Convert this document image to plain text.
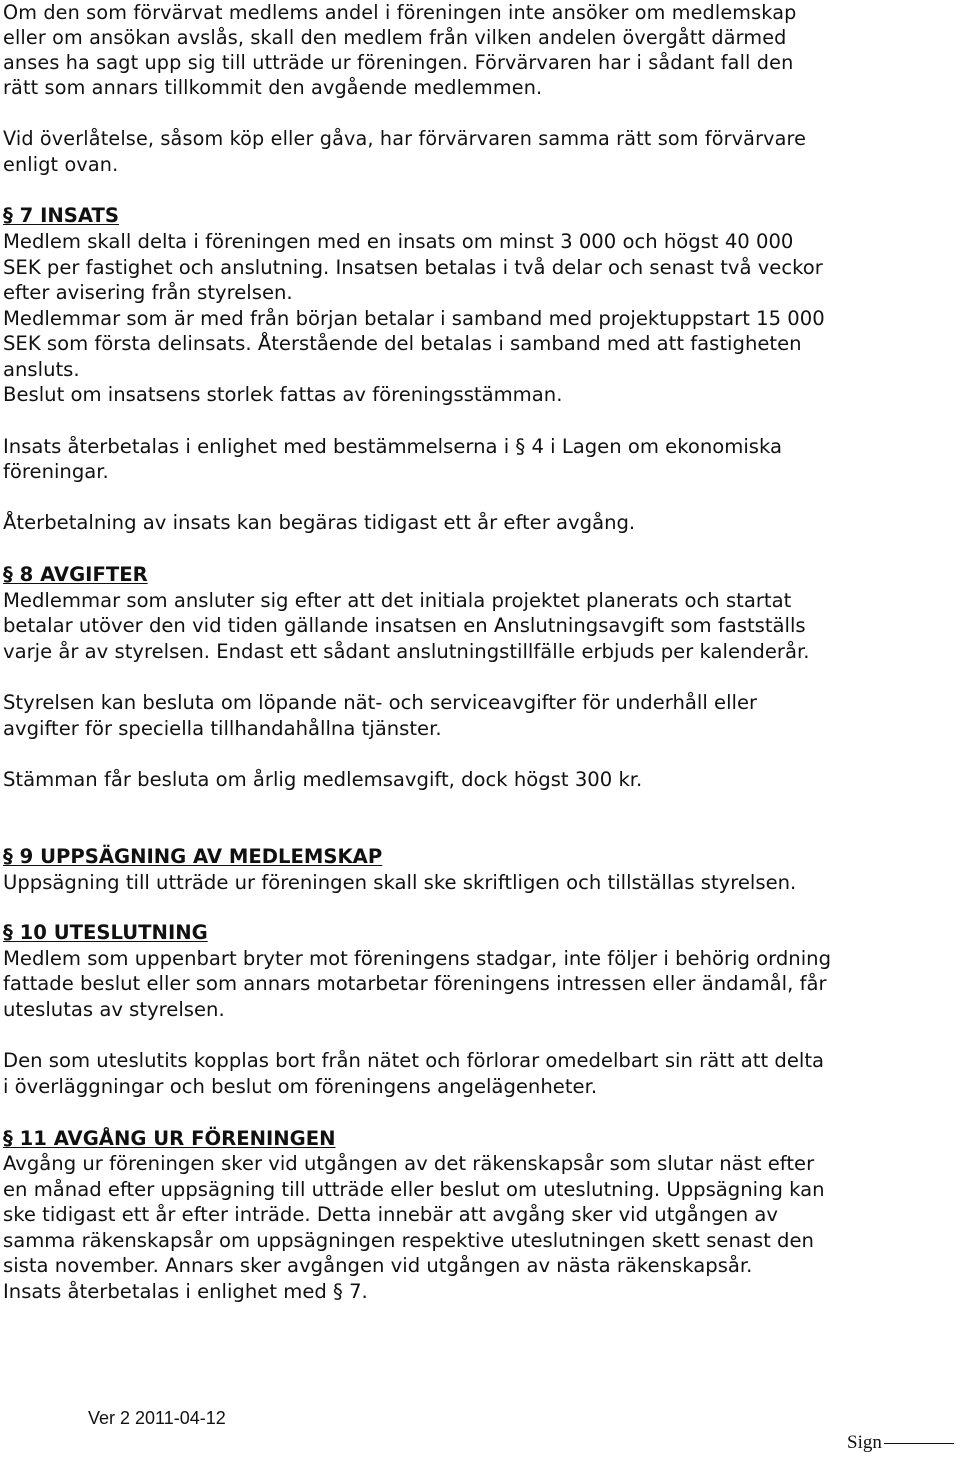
Om den som förvärvat medlems andel i föreningen inte ansöker om medlemskap
eller om ansökan avslås, skall den medlem från vilken andelen övergått därmed
anses ha sagt upp sig till utträde ur föreningen. Förvärvaren har i sådant fall den
rätt som annars tillkommit den avgående medlemmen.
Vid överlåtelse, såsom köp eller gåva, har förvärvaren samma rätt som förvärvare
enligt ovan.
§ 7 INSATS
Medlem skall delta i föreningen med en insats om minst 3 000 och högst 40 000
SEK per fastighet och anslutning. Insatsen betalas i två delar och senast två veckor
efter avisering från styrelsen.
Medlemmar som är med från början betalar i samband med projektuppstart 15 000
SEK som första delinsats. Återstående del betalas i samband med att fastigheten
ansluts.
Beslut om insatsens storlek fattas av föreningsstämman.
Insats återbetalas i enlighet med bestämmelserna i § 4 i Lagen om ekonomiska
föreningar.
Återbetalning av insats kan begäras tidigast ett år efter avgång.
§ 8 AVGIFTER
Medlemmar som ansluter sig efter att det initiala projektet planerats och startat
betalar utöver den vid tiden gällande insatsen en Anslutningsavgift som fastställs
varje år av styrelsen. Endast ett sådant anslutningstillfälle erbjuds per kalenderår.
Styrelsen kan besluta om löpande nät- och serviceavgifter för underhåll eller
avgifter för speciella tillhandahållna tjänster.
Stämman får besluta om årlig medlemsavgift, dock högst 300 kr.
§ 9 UPPSÄGNING AV MEDLEMSKAP
Uppsägning till utträde ur föreningen skall ske skriftligen och tillställas styrelsen.
§ 10 UTESLUTNING
Medlem som uppenbart bryter mot föreningens stadgar, inte följer i behörig ordning
fattade beslut eller som annars motarbetar föreningens intressen eller ändamål, får
uteslutas av styrelsen.
Den som uteslutits kopplas bort från nätet och förlorar omedelbart sin rätt att delta
i överläggningar och beslut om föreningens angelägenheter.
§ 11 AVGÅNG UR FÖRENINGEN
Avgång ur föreningen sker vid utgången av det räkenskapsår som slutar näst efter
en månad efter uppsägning till utträde eller beslut om uteslutning. Uppsägning kan
ske tidigast ett år efter inträde. Detta innebär att avgång sker vid utgången av
samma räkenskapsår om uppsägningen respektive uteslutningen skett senast den
sista november. Annars sker avgången vid utgången av nästa räkenskapsår.
Insats återbetalas i enlighet med § 7.
Ver 2 2011-04-12
Sign
